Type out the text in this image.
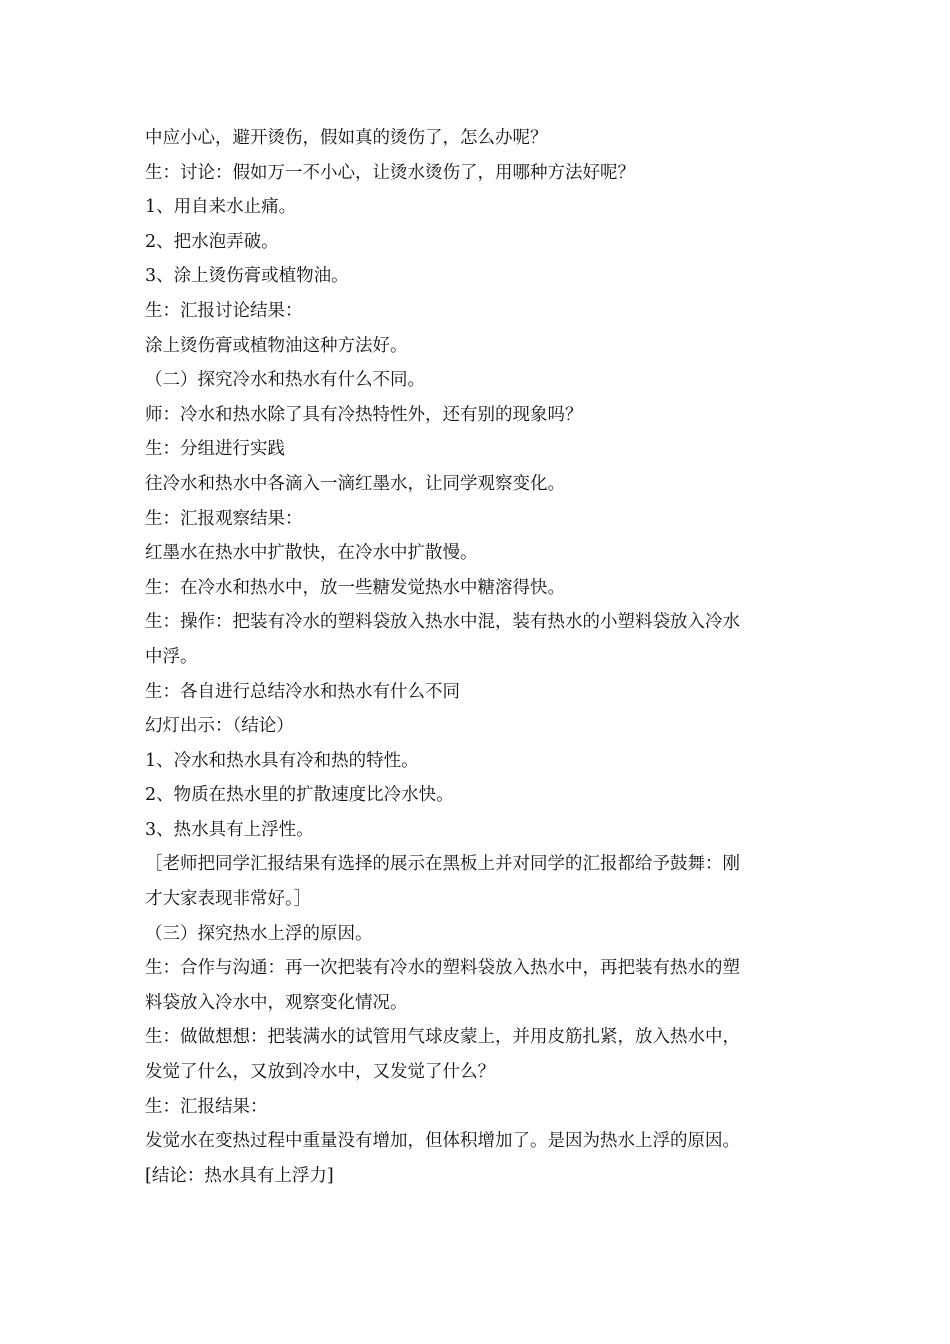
中应小心，避开烫伤，假如真的烫伤了，怎么办呢？
生：讨论：假如万一不小心，让烫水烫伤了，用哪种方法好呢？
1、用自来水止痛。
2、把水泡弄破。
3、涂上烫伤膏或植物油。
生：汇报讨论结果：
涂上烫伤膏或植物油这种方法好。
（二）探究冷水和热水有什么不同。
师：冷水和热水除了具有冷热特性外，还有别的现象吗？
生：分组进行实践
往冷水和热水中各滴入一滴红墨水，让同学观察变化。
生：汇报观察结果：
红墨水在热水中扩散快，在冷水中扩散慢。
生：在冷水和热水中，放一些糖发觉热水中糖溶得快。
生：操作：把装有冷水的塑料袋放入热水中混，装有热水的小塑料袋放入冷水
中浮。
生：各自进行总结冷水和热水有什么不同
幻灯出示：（结论）
1、冷水和热水具有冷和热的特性。
2、物质在热水里的扩散速度比冷水快。
3、热水具有上浮性。
［老师把同学汇报结果有选择的展示在黑板上并对同学的汇报都给予鼓舞：刚
才大家表现非常好。］
（三）探究热水上浮的原因。
生：合作与沟通：再一次把装有冷水的塑料袋放入热水中，再把装有热水的塑
料袋放入冷水中，观察变化情况。
生：做做想想：把装满水的试管用气球皮蒙上，并用皮筋扎紧，放入热水中，
发觉了什么，又放到冷水中，又发觉了什么？
生：汇报结果：
发觉水在变热过程中重量没有增加，但体积增加了。是因为热水上浮的原因。
[结论：热水具有上浮力]
